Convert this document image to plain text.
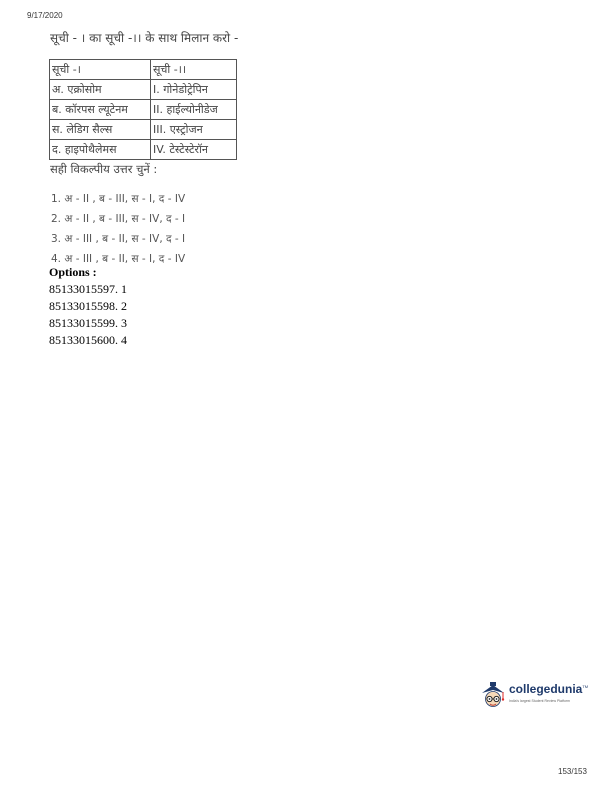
9/17/2020
सूची - । का सूची -।। के साथ मिलान करो -
सूची -।	सूची -।।
अ. एक्रोसोम	I. गोनेडोट्रेपिन
ब. कॉरपस ल्यूटेनम	II. हाईल्योनीडेज
स. लेडिग सैल्स	III. एस्ट्रोजन
द. हाइपोथैलेमस	IV. टेस्टेस्टेरॉन
सही विकल्पीय उत्तर चुनें :
1. अ - II , ब - III, स - I, द - IV
2. अ - II , ब - III, स - IV, द - I
3. अ - III , ब - II, स - IV, द - I
4. अ - III , ब - II, स - I, द - IV
Options :
85133015597. 1
85133015598. 2
85133015599. 3
85133015600. 4
collegedunia™
India's largest Student Review Platform
153/153
